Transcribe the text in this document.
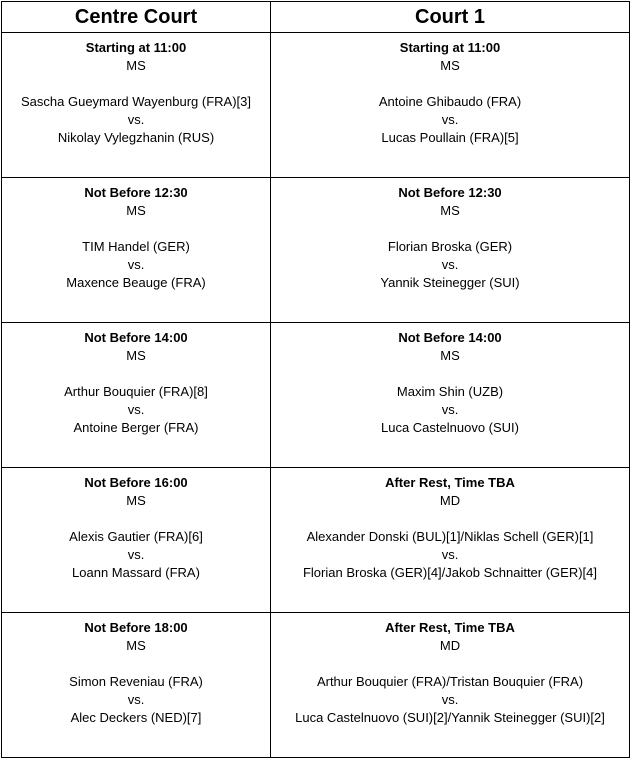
Centre Court	Court 1

Starting at 11:00
MS
Sascha Gueymard Wayenburg (FRA)[3]
vs.
Nikolay Vylegzhanin (RUS)	Starting at 11:00
MS
Antoine Ghibaudo (FRA)
vs.
Lucas Poullain (FRA)[5]

Not Before 12:30
MS
TIM Handel (GER)
vs.
Maxence Beauge (FRA)	Not Before 12:30
MS
Florian Broska (GER)
vs.
Yannik Steinegger (SUI)

Not Before 14:00
MS
Arthur Bouquier (FRA)[8]
vs.
Antoine Berger (FRA)	Not Before 14:00
MS
Maxim Shin (UZB)
vs.
Luca Castelnuovo (SUI)

Not Before 16:00
MS
Alexis Gautier (FRA)[6]
vs.
Loann Massard (FRA)	After Rest, Time TBA
MD
Alexander Donski (BUL)[1]/Niklas Schell (GER)[1]
vs.
Florian Broska (GER)[4]/Jakob Schnaitter (GER)[4]

Not Before 18:00
MS
Simon Reveniau (FRA)
vs.
Alec Deckers (NED)[7]	After Rest, Time TBA
MD
Arthur Bouquier (FRA)/Tristan Bouquier (FRA)
vs.
Luca Castelnuovo (SUI)[2]/Yannik Steinegger (SUI)[2]
